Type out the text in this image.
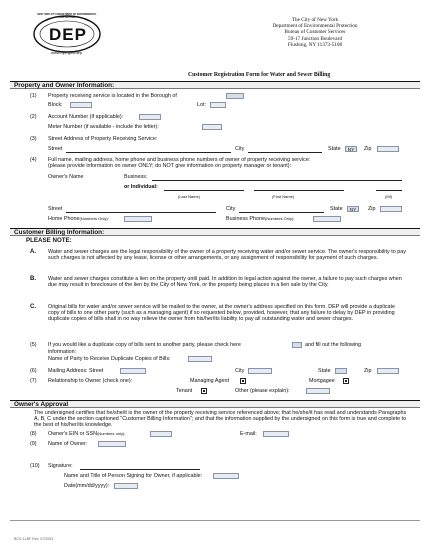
NEW YORK CITY DEPARTMENT OF ENVIRONMENTAL PROTECTION
DEP
www.nyc.gov/dep
The City of New York
Department of Environmental Protection
Bureau of Customer Services
59-17 Junction Boulevard
Flushing, NY 11373-5108
Customer Registration Form for Water and Sewer Billing
Property and Owner Information:
(1) Property receiving service is located in the Borough of
Block:	Lot:
(2) Account Number (if applicable):
Meter Number (if available - include the letter):
(3) Street Address of Property Receiving Service:
Street	City	State	NY	Zip
(4) Full name, mailing address, home phone and business phone numbers of owner of property receiving service:
(please provide information on owner ONLY; do NOT give information on property manager or tenant):
Owner's Name	Business:
or Individual:
(Last Name)	(First Name)	(MI)
Street	City	State	NY	Zip
Home Phone(Numbers Only):	Business Phone(Numbers Only):
Customer Billing Information:
PLEASE NOTE:
A. Water and sewer charges are the legal responsibility of the owner of a property receiving water and/or sewer service. The owner's responsibility to pay such charges is not affected by any lease, license or other arrangements, or any assignment of responsibility for payment of such charges.
B. Water and sewer charges constitute a lien on the property until paid. In addition to legal action against the owner, a failure to pay such charges when due may result in foreclosure of the lien by the City of New York, or the property being places in a lien sale by the City.
C. Original bills for water and/or sewer service will be mailed to the owner, at the owner's address specified on this form. DEP will provide a duplicate copy of bills to one other party (such as a managing agent) if so requested below, provided, however, that any failure to delay by DEP in providing duplicate copies of bills shall in no way relieve the owner from his/her/its liability to pay all outstanding water and sewer charges.
(5) If you would like a duplicate copy of bills sent to another party, please check here	and fill out the following
information:
Name of Party to Receive Duplicate Copies of Bills:
(6) Mailing Address: Street	City	State	Zip
(7) Relationship to Owner (check one):	Managing Agent	Mortgagee
Tenant	Other (please explain):
Owner's Approval
The undersigned certifies that he/she/it is the owner of the property receiving service referenced above; that he/she/it has read and understands Paragraphs A, B, C under the section captioned "Customer Billing Information"; and that the information supplied by the undersigned on this form is true and complete to the best of his/her/its knowledge.
(8) Owner's EIN or SSN(Numbers only):	E-mail:
(9) Name of Owner:
(10) Signature:
Name and Title of Person Signing for Owner, if applicable:
Date(mm/dd/yyyy):
BCS-1LBF Rev. 07/2003
